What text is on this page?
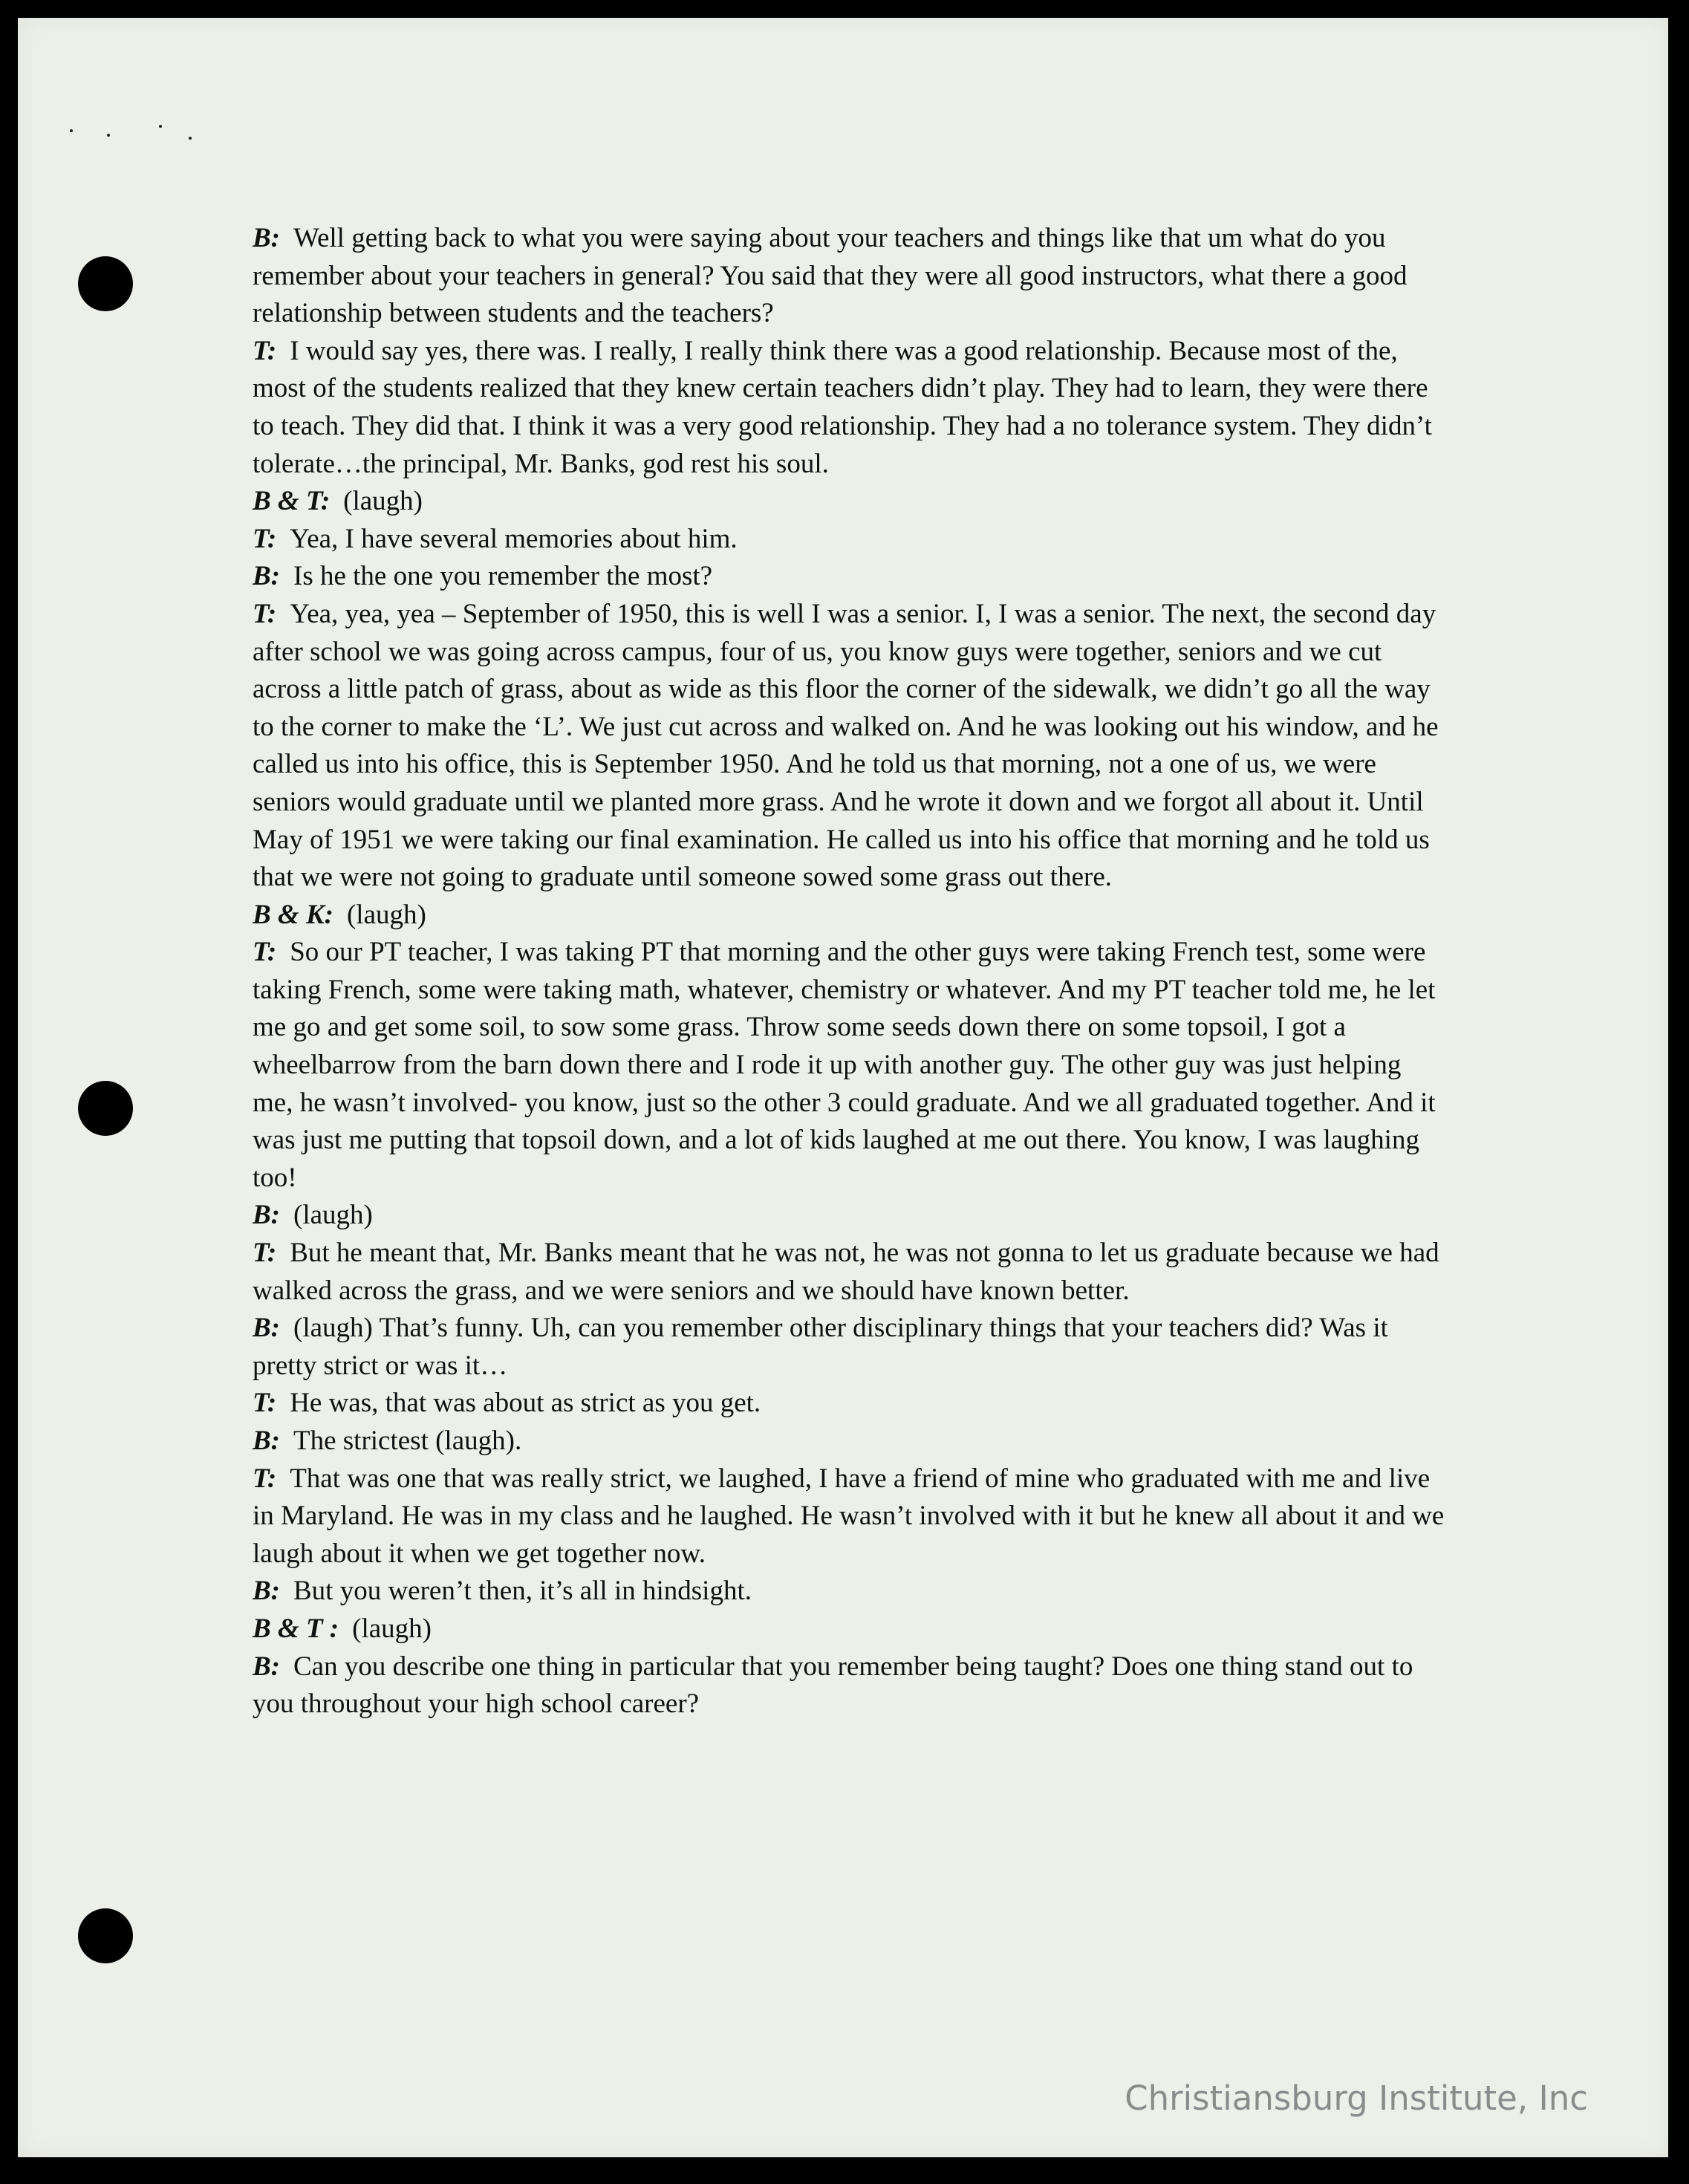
B: Well getting back to what you were saying about your teachers and things like that um what do you remember about your teachers in general? You said that they were all good instructors, what there a good relationship between students and the teachers?

T: I would say yes, there was. I really, I really think there was a good relationship. Because most of the, most of the students realized that they knew certain teachers didn’t play. They had to learn, they were there to teach. They did that. I think it was a very good relationship. They had a no tolerance system. They didn’t tolerate…the principal, Mr. Banks, god rest his soul.

B & T: (laugh)

T: Yea, I have several memories about him.

B: Is he the one you remember the most?

T: Yea, yea, yea – September of 1950, this is well I was a senior. I, I was a senior. The next, the second day after school we was going across campus, four of us, you know guys were together, seniors and we cut across a little patch of grass, about as wide as this floor the corner of the sidewalk, we didn’t go all the way to the corner to make the ‘L’. We just cut across and walked on. And he was looking out his window, and he called us into his office, this is September 1950. And he told us that morning, not a one of us, we were seniors would graduate until we planted more grass. And he wrote it down and we forgot all about it. Until May of 1951 we were taking our final examination. He called us into his office that morning and he told us that we were not going to graduate until someone sowed some grass out there.

B & K: (laugh)

T: So our PT teacher, I was taking PT that morning and the other guys were taking French test, some were taking French, some were taking math, whatever, chemistry or whatever. And my PT teacher told me, he let me go and get some soil, to sow some grass. Throw some seeds down there on some topsoil, I got a wheelbarrow from the barn down there and I rode it up with another guy. The other guy was just helping me, he wasn’t involved- you know, just so the other 3 could graduate. And we all graduated together. And it was just me putting that topsoil down, and a lot of kids laughed at me out there. You know, I was laughing too!

B: (laugh)

T: But he meant that, Mr. Banks meant that he was not, he was not gonna to let us graduate because we had walked across the grass, and we were seniors and we should have known better.

B: (laugh) That’s funny. Uh, can you remember other disciplinary things that your teachers did? Was it pretty strict or was it…

T: He was, that was about as strict as you get.

B: The strictest (laugh).

T: That was one that was really strict, we laughed, I have a friend of mine who graduated with me and live in Maryland. He was in my class and he laughed. He wasn’t involved with it but he knew all about it and we laugh about it when we get together now.

B: But you weren’t then, it’s all in hindsight.

B & T : (laugh)

B: Can you describe one thing in particular that you remember being taught? Does one thing stand out to you throughout your high school career?

Christiansburg Institute, Inc
